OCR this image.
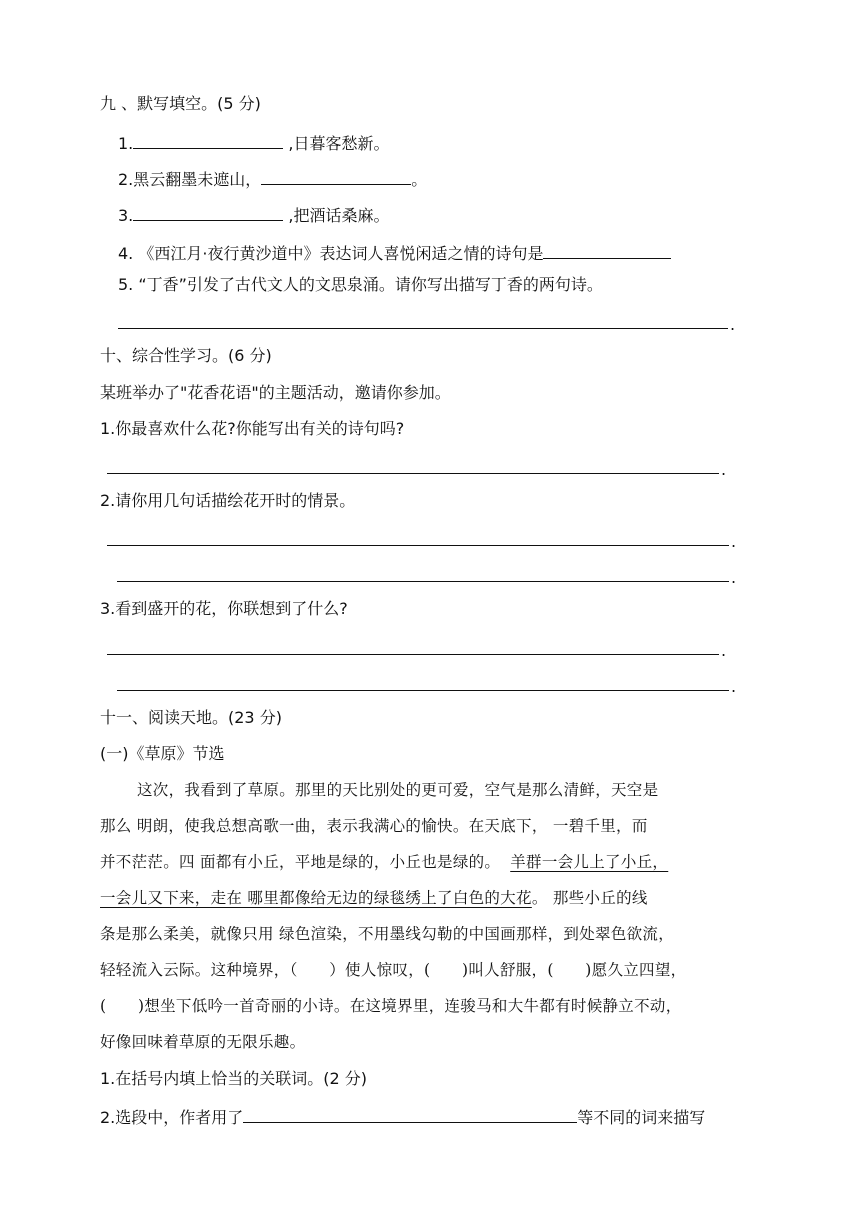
九 、默写填空。(5 分)
1.	,日暮客愁新。
2.黑云翻墨未遮山，	。
3.	,把酒话桑麻。
4. 《西江月·夜行黄沙道中》表达词人喜悦闲适之情的诗句是
5. “丁香”引发了古代文人的文思泉涌。请你写出描写丁香的两句诗。
.
十、综合性学习。(6 分)
某班举办了"花香花语"的主题活动，邀请你参加。
1.你最喜欢什么花?你能写出有关的诗句吗?
.
2.请你用几句话描绘花开时的情景。
.
.
3.看到盛开的花，你联想到了什么?
.
.
十一、阅读天地。(23 分)
(一)《草原》节选
这次，我看到了草原。那里的天比别处的更可爱，空气是那么清鲜，天空是
那么 明朗，使我总想高歌一曲，表示我满心的愉快。在天底下， 一碧千里，而
并不茫茫。四 面都有小丘，平地是绿的，小丘也是绿的。 羊群一会儿上了小丘，
一会儿又下来，走在 哪里都像给无边的绿毯绣上了白色的大花。 那些小丘的线
条是那么柔美，就像只用 绿色渲染，不用墨线勾勒的中国画那样，到处翠色欲流，
轻轻流入云际。这种境界，（　　）使人惊叹，(　　)叫人舒服，(　　)愿久立四望，
(　　)想坐下低吟一首奇丽的小诗。在这境界里，连骏马和大牛都有时候静立不动，
好像回味着草原的无限乐趣。
1.在括号内填上恰当的关联词。(2 分)
2.选段中，作者用了	等不同的词来描写
